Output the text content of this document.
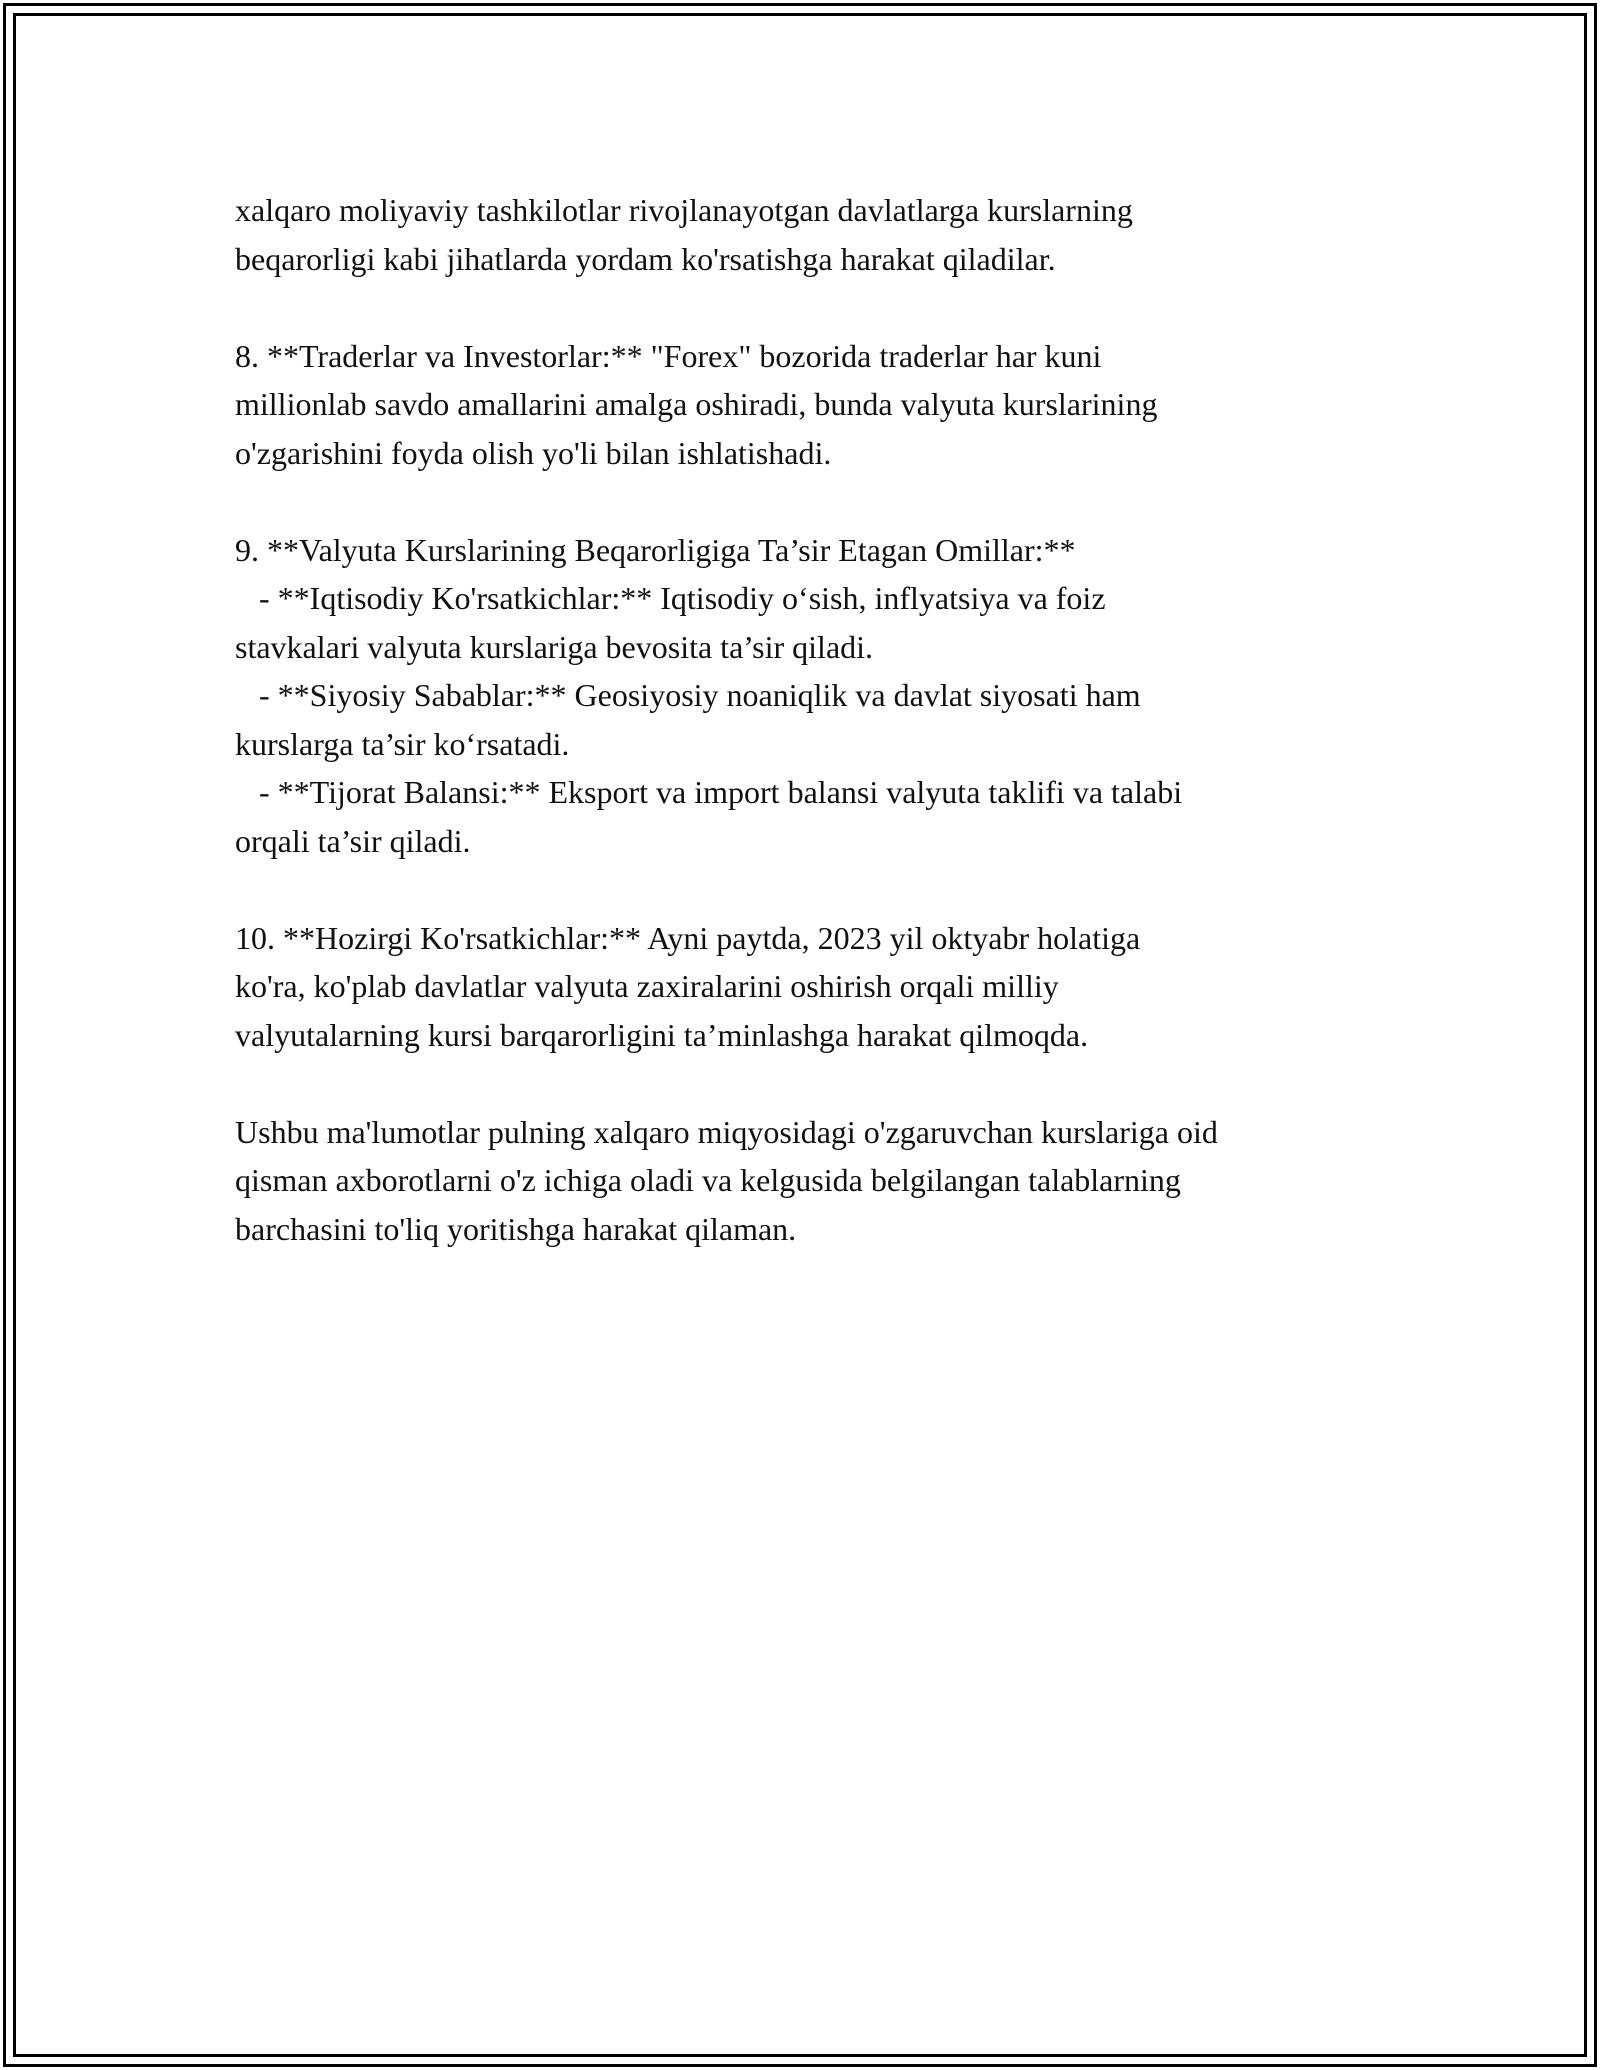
xalqaro moliyaviy tashkilotlar rivojlanayotgan davlatlarga kurslarning
beqarorligi kabi jihatlarda yordam ko'rsatishga harakat qiladilar.
8. **Traderlar va Investorlar:** "Forex" bozorida traderlar har kuni
millionlab savdo amallarini amalga oshiradi, bunda valyuta kurslarining
o'zgarishini foyda olish yo'li bilan ishlatishadi.
9. **Valyuta Kurslarining Beqarorligiga Ta’sir Etagan Omillar:**
- **Iqtisodiy Ko'rsatkichlar:** Iqtisodiy o‘sish, inflyatsiya va foiz
stavkalari valyuta kurslariga bevosita ta’sir qiladi.
- **Siyosiy Sabablar:** Geosiyosiy noaniqlik va davlat siyosati ham
kurslarga ta’sir ko‘rsatadi.
- **Tijorat Balansi:** Eksport va import balansi valyuta taklifi va talabi
orqali ta’sir qiladi.
10. **Hozirgi Ko'rsatkichlar:** Ayni paytda, 2023 yil oktyabr holatiga
ko'ra, ko'plab davlatlar valyuta zaxiralarini oshirish orqali milliy
valyutalarning kursi barqarorligini ta’minlashga harakat qilmoqda.
Ushbu ma'lumotlar pulning xalqaro miqyosidagi o'zgaruvchan kurslariga oid
qisman axborotlarni o'z ichiga oladi va kelgusida belgilangan talablarning
barchasini to'liq yoritishga harakat qilaman.
